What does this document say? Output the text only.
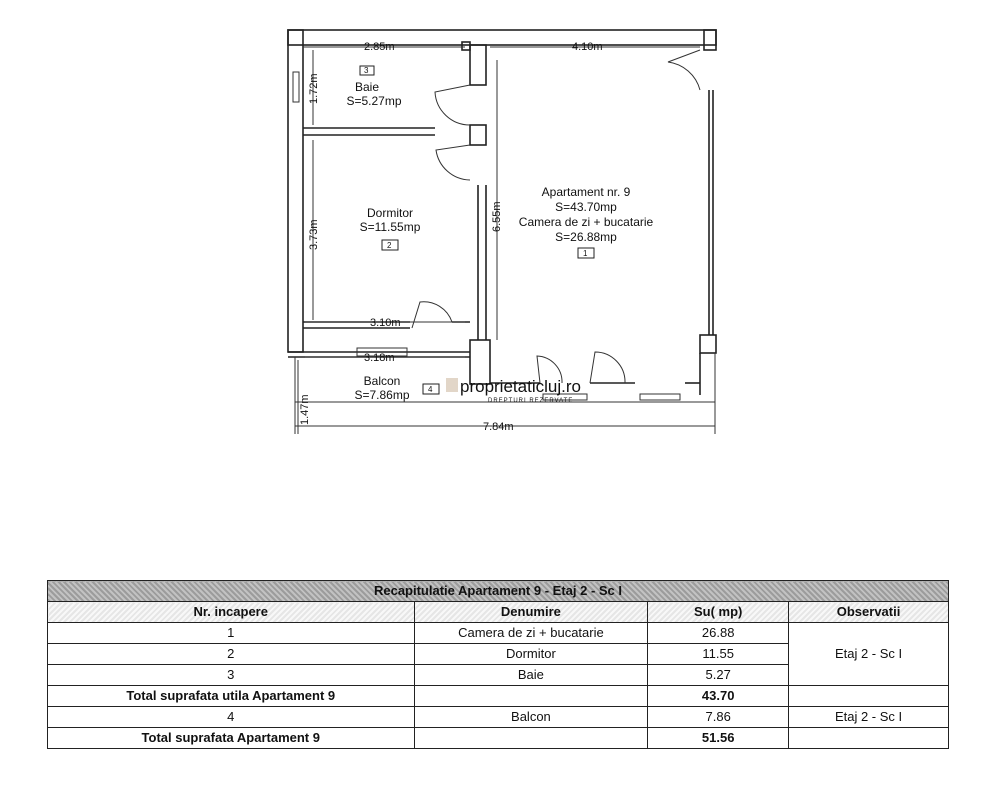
2.85m	4.10m
1.72m
3.73m
6.55m
3.10m
3.18m
1.47m
7.84m
3
Baie
S=5.27mp
Dormitor
S=11.55mp
2
Apartament nr. 9
S=43.70mp
Camera de zi + bucatarie
S=26.88mp
1
Balcon
S=7.86mp 4 proprietaticluj.ro
DREPTURI REZERVATE
Recapitulatie Apartament 9 - Etaj 2 - Sc I			
Nr. incapere	Denumire	Su( mp)	Observatii
1	Camera de zi + bucatarie	26.88	Etaj 2 - Sc I
2	Dormitor	11.55	
3	Baie	5.27	
Total suprafata utila Apartament 9		43.70	
4	Balcon	7.86	Etaj 2 - Sc I
Total suprafata Apartament 9		51.56	
